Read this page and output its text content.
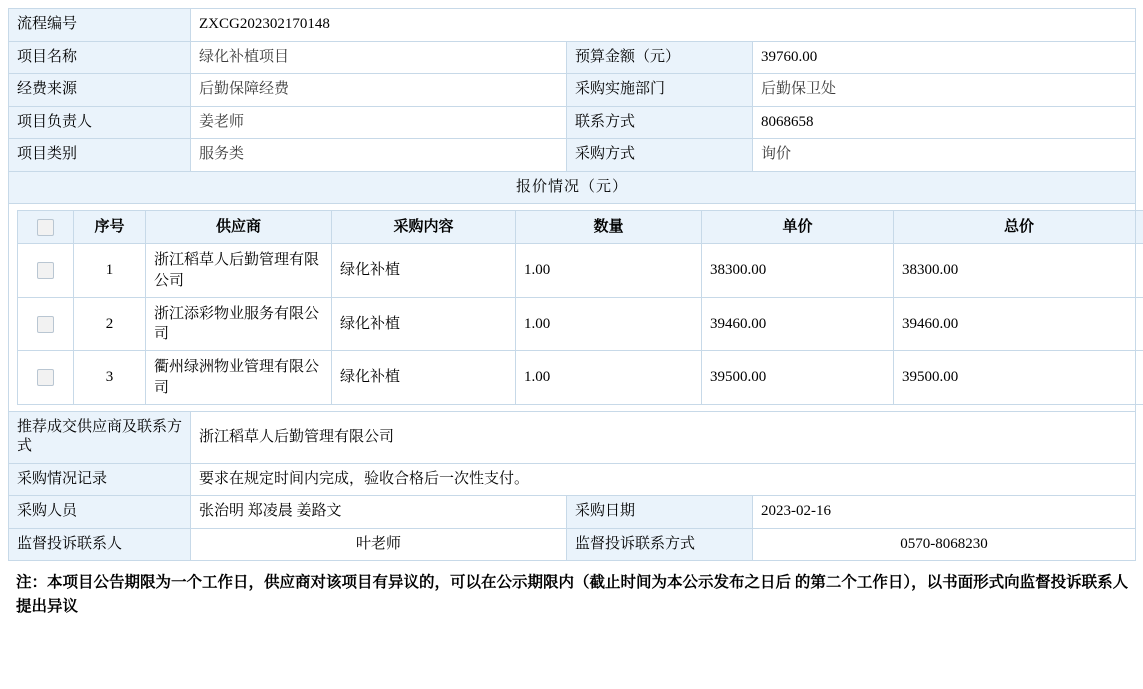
流程编号	ZXCG202302170148
项目名称	绿化补植项目	预算金额（元）	39760.00
经费来源	后勤保障经费	采购实施部门	后勤保卫处
项目负责人	姜老师	联系方式	8068658
项目类别	服务类	采购方式	询价
报价情况（元）

	序号	供应商	采购内容	数量	单价	总价
	1	浙江稻草人后勤管理有限公司	绿化补植	1.00	38300.00	38300.00
	2	浙江添彩物业服务有限公司	绿化补植	1.00	39460.00	39460.00
	3	衢州绿洲物业管理有限公司	绿化补植	1.00	39500.00	39500.00

推荐成交供应商及联系方式	浙江稻草人后勤管理有限公司
采购情况记录	要求在规定时间内完成，验收合格后一次性支付。
采购人员	张治明 郑凌晨 姜路文	采购日期	2023-02-16
监督投诉联系人	叶老师	监督投诉联系方式	0570-8068230
注：本项目公告期限为一个工作日，供应商对该项目有异议的，可以在公示期限内（截止时间为本公示发布之日后 的第二个工作日），以书面形式向监督投诉联系人提出异议
